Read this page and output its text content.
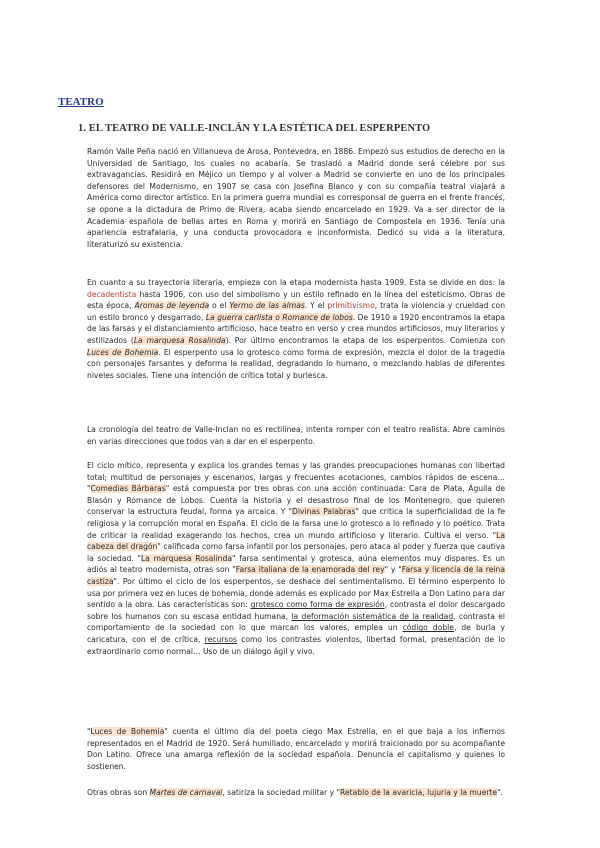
TEATRO
1. EL TEATRO DE VALLE-INCLÁN Y LA ESTÉTICA DEL ESPERPENTO

Ramón Valle Peña nació en Villanueva de Arosa, Pontevedra, en 1886. Empezó sus estudios de derecho en la Universidad de Santiago, los cuales no acabaría. Se trasladó a Madrid donde será célebre por sus extravagancias. Residirá en Méjico un tiempo y al volver a Madrid se convierte en uno de los principales defensores del Modernismo, en 1907 se casa con Josefina Blanco y con su compañía teatral viajará a América como director artístico. En la primera guerra mundial es corresponsal de guerra en el frente francés, se opone a la dictadura de Primo de Rivera, acaba siendo encarcelado en 1929. Va a ser director de la Academia española de bellas artes en Roma y morirá en Santiago de Compostela en 1936. Tenía una apariencia estrafalaria, y una conducta provocadora e inconformista. Dedicó su vida a la literatura, literaturizó su existencia.

En cuanto a su trayectoria literaria, empieza con la etapa modernista hasta 1909. Esta se divide en dos: la decadentista hasta 1906, con uso del simbolismo y un estilo refinado en la línea del esteticismo. Obras de esta época, Aromas de leyenda o el Yermo de las almas. Y el primitivismo, trata la violencia y crueldad con un estilo bronco y desgarrado, La guerra carlista o Romance de lobos. De 1910 a 1920 encontramos la etapa de las farsas y el distanciamiento artificioso, hace teatro en verso y crea mundos artificiosos, muy literarios y estilizados (La marquesa Rosalinda). Por último encontramos la etapa de los esperpentos. Comienza con Luces de Bohemia. El esperpento usa lo grotesco como forma de expresión, mezcla el dolor de la tragedia con personajes farsantes y deforma la realidad, degradando lo humano, o mezclando hablas de diferentes niveles sociales. Tiene una intención de crítica total y burlesca.

La cronología del teatro de Valle-Inclan no es rectilínea, intenta romper con el teatro realista. Abre caminos en varias direcciones que todos van a dar en el esperpento.

El ciclo mítico, representa y explica los grandes temas y las grandes preocupaciones humanas con libertad total; multitud de personajes y escenarios, largas y frecuentes acotaciones, cambios rápidos de escena… "Comedias Bárbaras" está compuesta por tres obras con una acción continuada: Cara de Plata, Águila de Blasón y Romance de Lobos. Cuenta la historia y el desastroso final de los Montenegro, que quieren conservar la estructura feudal, forma ya arcaica. Y "Divinas Palabras" que critica la superficialidad de la fe religiosa y la corrupción moral en España. El ciclo de la farsa une lo grotesco a lo refinado y lo poético. Trata de criticar la realidad exagerando los hechos, crea un mundo artificioso y literario. Cultiva el verso. "La cabeza del dragón" calificada como farsa infantil por los personajes, pero ataca al poder y fuerza que cautiva la sociedad. "La marquesa Rosalinda" farsa sentimental y grotesca, aúna elementos muy dispares. Es un adiós al teatro modernista, otras son "Farsa italiana de la enamorada del rey" y "Farsa y licencia de la reina castiza". Por último el ciclo de los esperpentos, se deshace del sentimentalismo. El término esperpento lo usa por primera vez en luces de bohemia, donde además es explicado por Max Estrella a Don Latino para dar sentido a la obra. Las características son: grotesco como forma de expresión, contrasta el dolor descargado sobre los humanos con su escasa entidad humana, la deformación sistemática de la realidad, contrasta el comportamiento de la sociedad con lo que marcan los valores, emplea un código doble, de burla y caricatura, con el de crítica, recursos como los contrastes violentos, libertad formal, presentación de lo extraordinario como normal… Uso de un diálogo ágil y vivo.

"Luces de Bohemia" cuenta el último día del poeta ciego Max Estrella, en el que baja a los infiernos representados en el Madrid de 1920. Será humillado, encarcelado y morirá traicionado por su acompañante Don Latino. Ofrece una amarga reflexión de la sociedad española. Denuncia el capitalismo y quienes lo sostienen.

Otras obras son Martes de carnaval, satiriza la sociedad militar y "Retablo de la avaricia, lujuria y la muerte".
